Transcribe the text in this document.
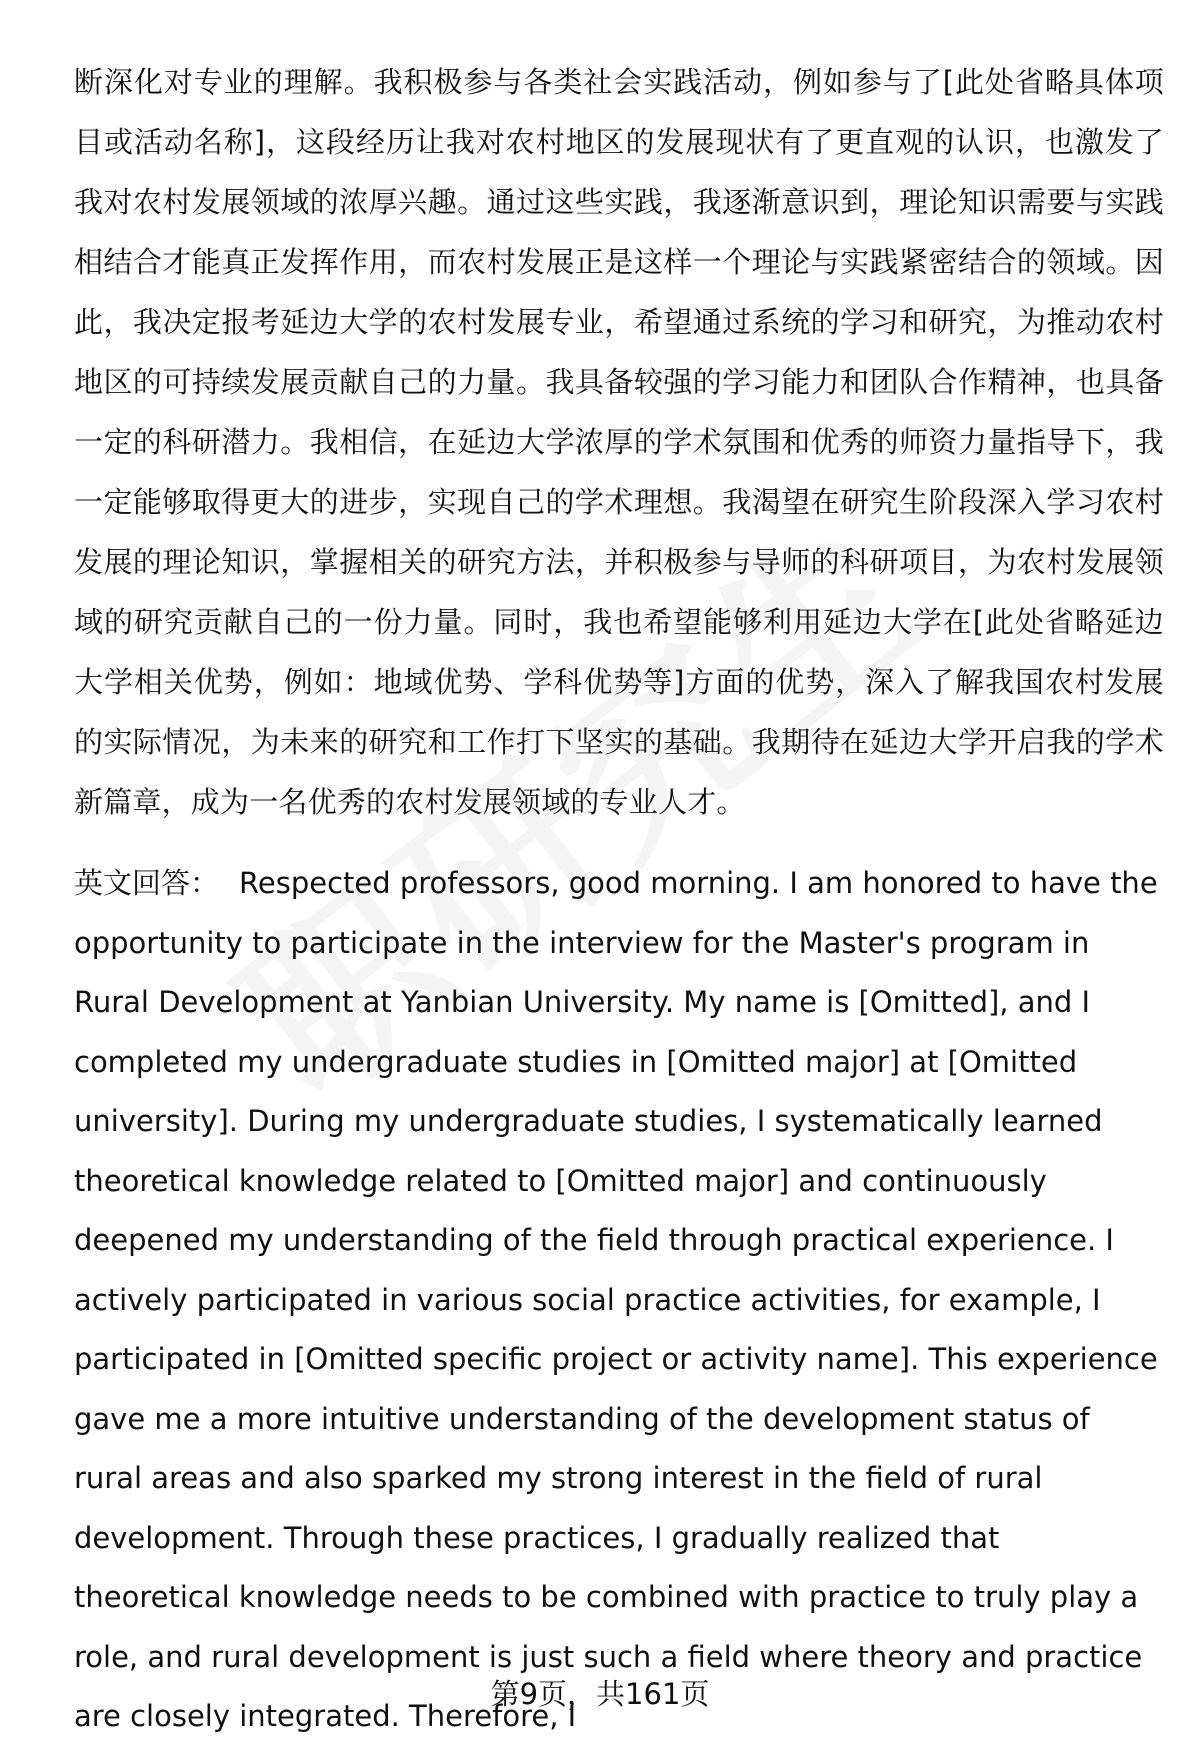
断深化对专业的理解。我积极参与各类社会实践活动，例如参与了[此处省略具体项目或活动名称]，这段经历让我对农村地区的发展现状有了更直观的认识，也激发了我对农村发展领域的浓厚兴趣。通过这些实践，我逐渐意识到，理论知识需要与实践相结合才能真正发挥作用，而农村发展正是这样一个理论与实践紧密结合的领域。因此，我决定报考延边大学的农村发展专业，希望通过系统的学习和研究，为推动农村地区的可持续发展贡献自己的力量。我具备较强的学习能力和团队合作精神，也具备一定的科研潜力。我相信，在延边大学浓厚的学术氛围和优秀的师资力量指导下，我一定能够取得更大的进步，实现自己的学术理想。我渴望在研究生阶段深入学习农村发展的理论知识，掌握相关的研究方法，并积极参与导师的科研项目，为农村发展领域的研究贡献自己的一份力量。同时，我也希望能够利用延边大学在[此处省略延边大学相关优势，例如：地域优势、学科优势等]方面的优势，深入了解我国农村发展的实际情况，为未来的研究和工作打下坚实的基础。我期待在延边大学开启我的学术新篇章，成为一名优秀的农村发展领域的专业人才。

英文回答： Respected professors, good morning. I am honored to have the opportunity to participate in the interview for the Master's program in Rural Development at Yanbian University. My name is [Omitted], and I completed my undergraduate studies in [Omitted major] at [Omitted university]. During my undergraduate studies, I systematically learned theoretical knowledge related to [Omitted major] and continuously deepened my understanding of the field through practical experience. I actively participated in various social practice activities, for example, I participated in [Omitted specific project or activity name]. This experience gave me a more intuitive understanding of the development status of rural areas and also sparked my strong interest in the field of rural development. Through these practices, I gradually realized that theoretical knowledge needs to be combined with practice to truly play a role, and rural development is just such a field where theory and practice are closely integrated. Therefore, I

第9页，共161页
